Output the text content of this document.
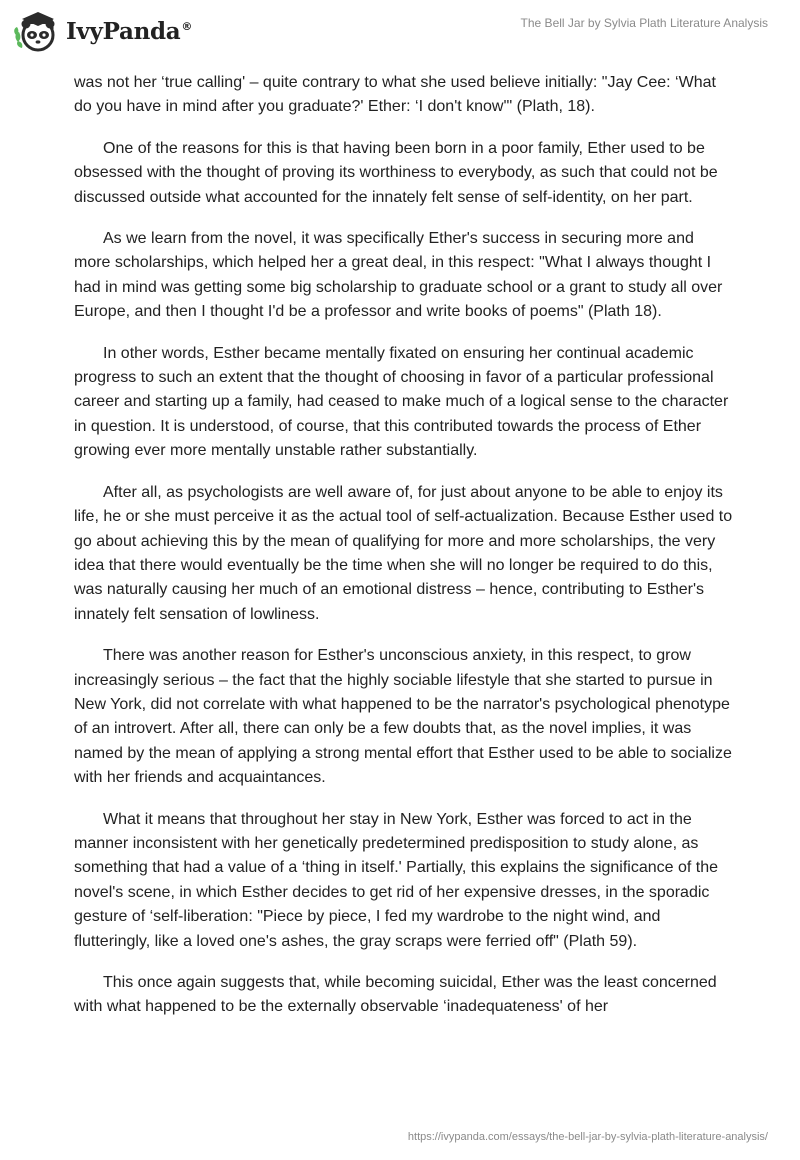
IvyPanda®	The Bell Jar by Sylvia Plath Literature Analysis

was not her ‘true calling' – quite contrary to what she used believe initially: "Jay Cee: ‘What do you have in mind after you graduate?' Ether: ‘I don't know'" (Plath, 18).

One of the reasons for this is that having been born in a poor family, Ether used to be obsessed with the thought of proving its worthiness to everybody, as such that could not be discussed outside what accounted for the innately felt sense of self-identity, on her part.

As we learn from the novel, it was specifically Ether's success in securing more and more scholarships, which helped her a great deal, in this respect: "What I always thought I had in mind was getting some big scholarship to graduate school or a grant to study all over Europe, and then I thought I'd be a professor and write books of poems" (Plath 18).

In other words, Esther became mentally fixated on ensuring her continual academic progress to such an extent that the thought of choosing in favor of a particular professional career and starting up a family, had ceased to make much of a logical sense to the character in question. It is understood, of course, that this contributed towards the process of Ether growing ever more mentally unstable rather substantially.

After all, as psychologists are well aware of, for just about anyone to be able to enjoy its life, he or she must perceive it as the actual tool of self-actualization. Because Esther used to go about achieving this by the mean of qualifying for more and more scholarships, the very idea that there would eventually be the time when she will no longer be required to do this, was naturally causing her much of an emotional distress – hence, contributing to Esther's innately felt sensation of lowliness.

There was another reason for Esther's unconscious anxiety, in this respect, to grow increasingly serious – the fact that the highly sociable lifestyle that she started to pursue in New York, did not correlate with what happened to be the narrator's psychological phenotype of an introvert. After all, there can only be a few doubts that, as the novel implies, it was named by the mean of applying a strong mental effort that Esther used to be able to socialize with her friends and acquaintances.

What it means that throughout her stay in New York, Esther was forced to act in the manner inconsistent with her genetically predetermined predisposition to study alone, as something that had a value of a ‘thing in itself.' Partially, this explains the significance of the novel's scene, in which Esther decides to get rid of her expensive dresses, in the sporadic gesture of ‘self-liberation: "Piece by piece, I fed my wardrobe to the night wind, and flutteringly, like a loved one's ashes, the gray scraps were ferried off" (Plath 59).

This once again suggests that, while becoming suicidal, Ether was the least concerned with what happened to be the externally observable ‘inadequateness' of her

https://ivypanda.com/essays/the-bell-jar-by-sylvia-plath-literature-analysis/
